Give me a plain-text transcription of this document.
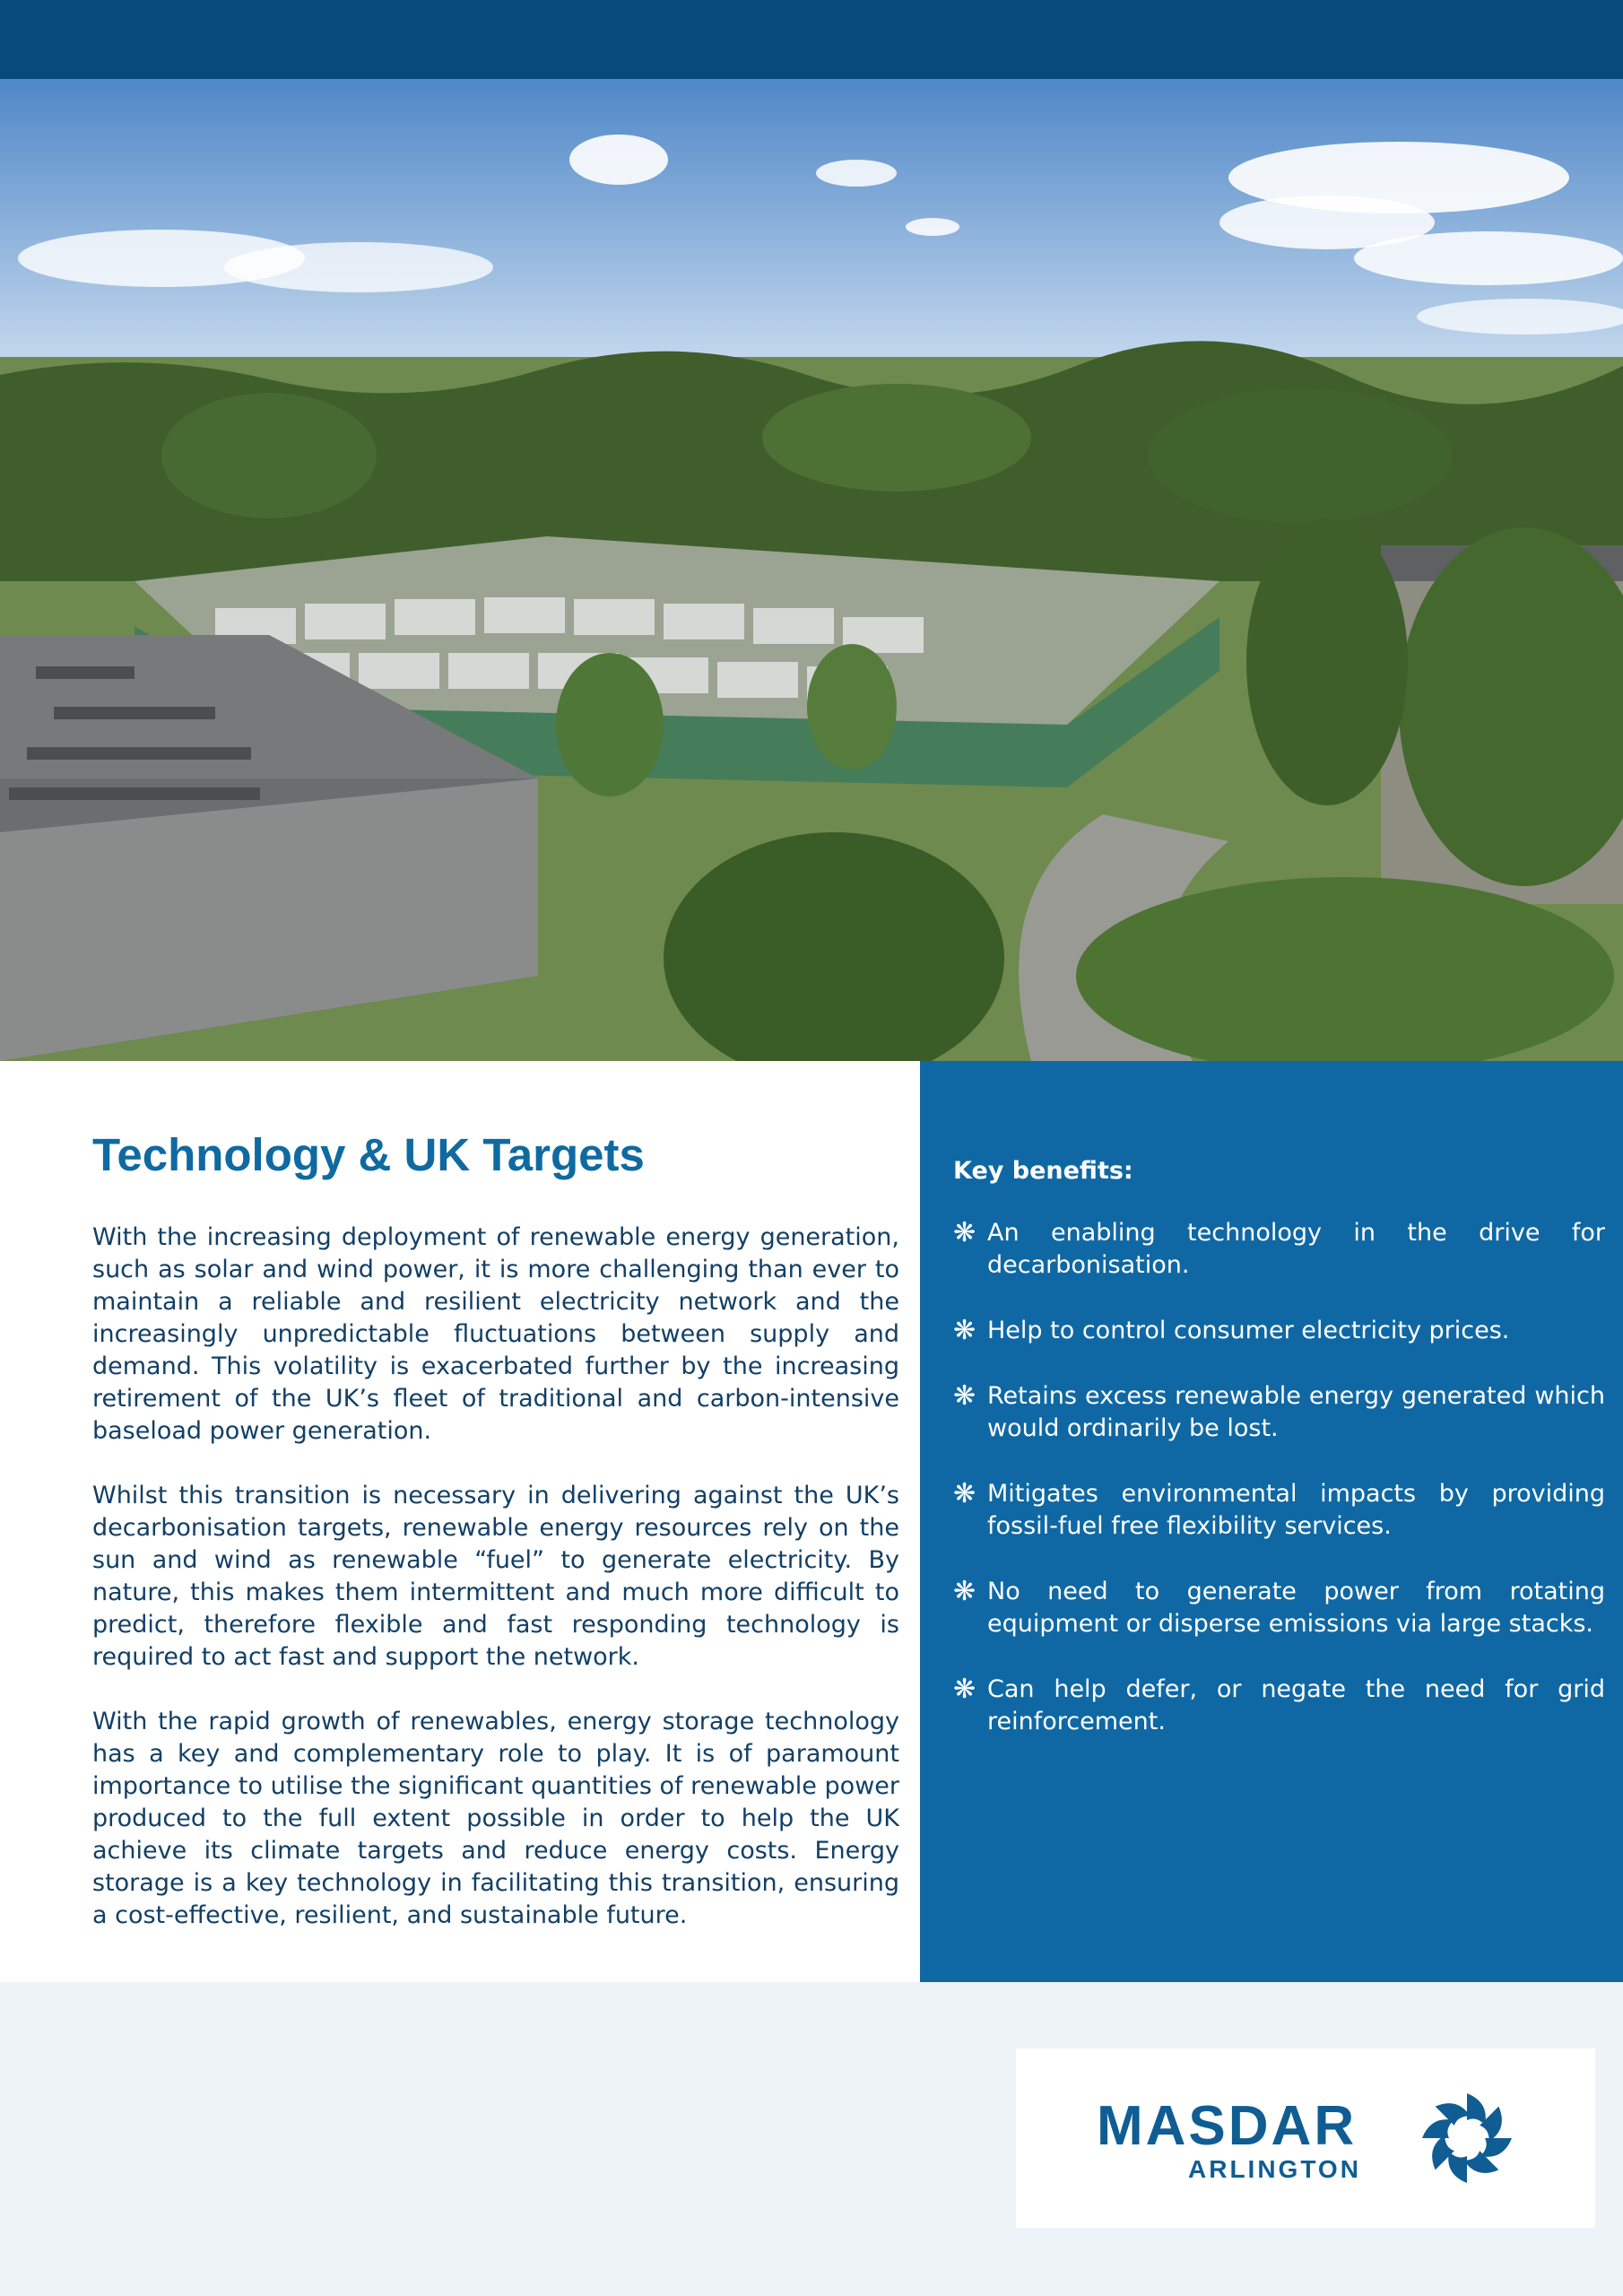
Technology & UK Targets

With the increasing deployment of renewable energy generation, such as solar and wind power, it is more challenging than ever to maintain a reliable and resilient electricity network and the increasingly unpredictable fluctuations between supply and demand. This volatility is exacerbated further by the increasing retirement of the UK’s fleet of traditional and carbon-intensive baseload power generation.

Whilst this transition is necessary in delivering against the UK’s decarbonisation targets, renewable energy resources rely on the sun and wind as renewable “fuel” to generate electricity. By nature, this makes them intermittent and much more difficult to predict, therefore flexible and fast responding technology is required to act fast and support the network.

With the rapid growth of renewables, energy storage technology has a key and complementary role to play. It is of paramount importance to utilise the significant quantities of renewable power produced to the full extent possible in order to help the UK achieve its climate targets and reduce energy costs. Energy storage is a key technology in facilitating this transition, ensuring a cost-effective, resilient, and sustainable future.

Key benefits:
❋ An enabling technology in the drive for decarbonisation.
❋ Help to control consumer electricity prices.
❋ Retains excess renewable energy generated which would ordinarily be lost.
❋ Mitigates environmental impacts by providing fossil-fuel free flexibility services.
❋ No need to generate power from rotating equipment or disperse emissions via large stacks.
❋ Can help defer, or negate the need for grid reinforcement.
MASDAR
ARLINGTON
